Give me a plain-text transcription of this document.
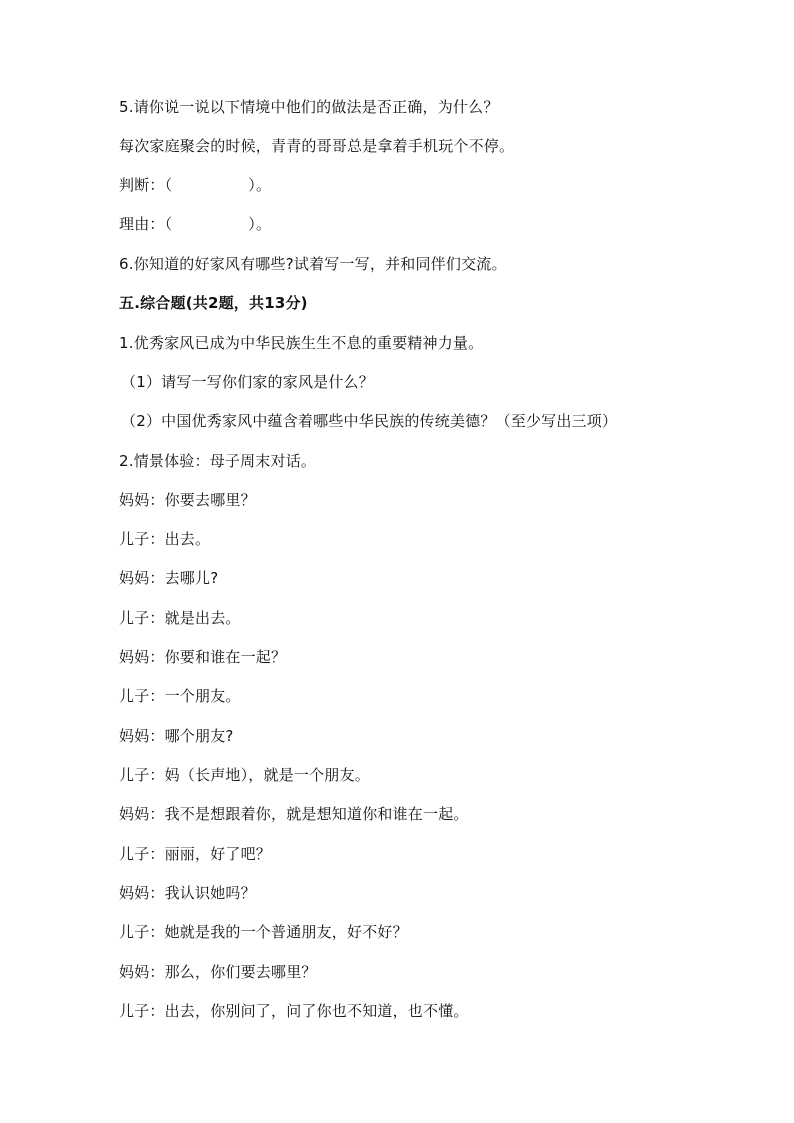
5.请你说一说以下情境中他们的做法是否正确，为什么？
每次家庭聚会的时候，青青的哥哥总是拿着手机玩个不停。
判断：（　　　　　）。
理由：（　　　　　）。
6.你知道的好家风有哪些?试着写一写，并和同伴们交流。
五.综合题(共2题，共13分)
1.优秀家风已成为中华民族生生不息的重要精神力量。
（1）请写一写你们家的家风是什么？
（2）中国优秀家风中蕴含着哪些中华民族的传统美德？（至少写出三项）
2.情景体验：母子周末对话。
妈妈：你要去哪里？
儿子：出去。
妈妈：去哪儿?
儿子：就是出去。
妈妈：你要和谁在一起？
儿子：一个朋友。
妈妈：哪个朋友?
儿子：妈（长声地），就是一个朋友。
妈妈：我不是想跟着你，就是想知道你和谁在一起。
儿子：丽丽，好了吧？
妈妈：我认识她吗？
儿子：她就是我的一个普通朋友，好不好？
妈妈：那么，你们要去哪里？
儿子：出去，你别问了，问了你也不知道，也不懂。
